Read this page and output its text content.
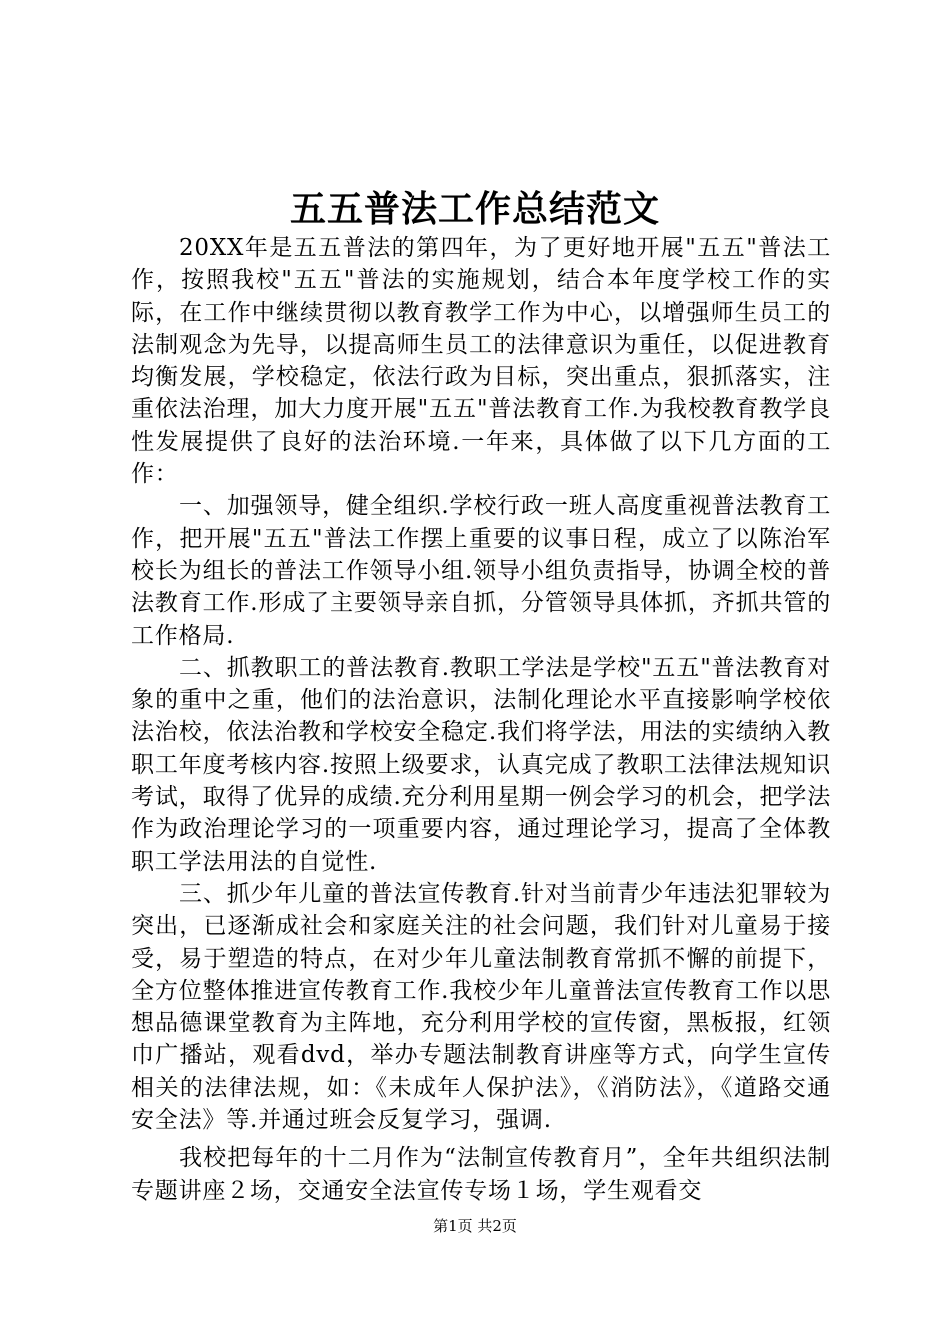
五五普法工作总结范文

20XX年是五五普法的第四年，为了更好地开展"五五"普法工作，按照我校"五五"普法的实施规划，结合本年度学校工作的实际，在工作中继续贯彻以教育教学工作为中心，以增强师生员工的法制观念为先导，以提高师生员工的法律意识为重任，以促进教育均衡发展，学校稳定，依法行政为目标，突出重点，狠抓落实，注重依法治理，加大力度开展"五五"普法教育工作.为我校教育教学良性发展提供了良好的法治环境.一年来，具体做了以下几方面的工作：

一、加强领导，健全组织.学校行政一班人高度重视普法教育工作，把开展"五五"普法工作摆上重要的议事日程，成立了以陈治军校长为组长的普法工作领导小组.领导小组负责指导，协调全校的普法教育工作.形成了主要领导亲自抓，分管领导具体抓，齐抓共管的工作格局.

二、抓教职工的普法教育.教职工学法是学校"五五"普法教育对象的重中之重，他们的法治意识，法制化理论水平直接影响学校依法治校，依法治教和学校安全稳定.我们将学法，用法的实绩纳入教职工年度考核内容.按照上级要求，认真完成了教职工法律法规知识考试，取得了优异的成绩.充分利用星期一例会学习的机会，把学法作为政治理论学习的一项重要内容，通过理论学习，提高了全体教职工学法用法的自觉性.

三、抓少年儿童的普法宣传教育.针对当前青少年违法犯罪较为突出，已逐渐成社会和家庭关注的社会问题，我们针对儿童易于接受，易于塑造的特点，在对少年儿童法制教育常抓不懈的前提下，全方位整体推进宣传教育工作.我校少年儿童普法宣传教育工作以思想品德课堂教育为主阵地，充分利用学校的宣传窗，黑板报，红领巾广播站，观看dvd，举办专题法制教育讲座等方式，向学生宣传相关的法律法规，如：《未成年人保护法》，《消防法》，《道路交通安全法》等.并通过班会反复学习，强调.

我校把每年的十二月作为“法制宣传教育月”，全年共组织法制专题讲座２场，交通安全法宣传专场１场，学生观看交

第1页 共2页
